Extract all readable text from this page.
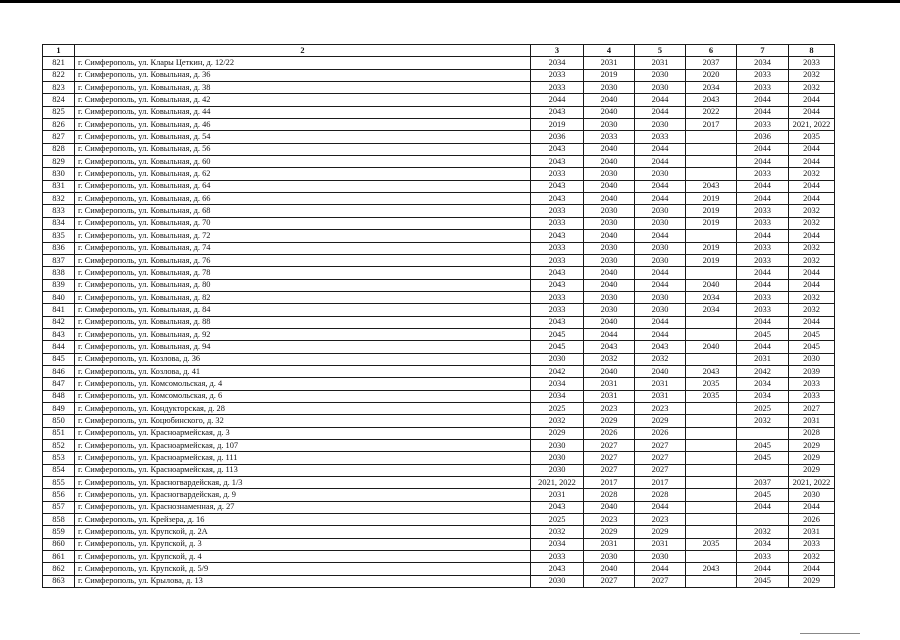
1	2	3	4	5	6	7	8
821	г. Симферополь, ул. Клары Цеткин, д. 12/22	2034	2031	2031	2037	2034	2033
822	г. Симферополь, ул. Ковыльная, д. 36	2033	2019	2030	2020	2033	2032
823	г. Симферополь, ул. Ковыльная, д. 38	2033	2030	2030	2034	2033	2032
824	г. Симферополь, ул. Ковыльная, д. 42	2044	2040	2044	2043	2044	2044
825	г. Симферополь, ул. Ковыльная, д. 44	2043	2040	2044	2022	2044	2044
826	г. Симферополь, ул. Ковыльная, д. 46	2019	2030	2030	2017	2033	2021, 2022
827	г. Симферополь, ул. Ковыльная, д. 54	2036	2033	2033		2036	2035
828	г. Симферополь, ул. Ковыльная, д. 56	2043	2040	2044		2044	2044
829	г. Симферополь, ул. Ковыльная, д. 60	2043	2040	2044		2044	2044
830	г. Симферополь, ул. Ковыльная, д. 62	2033	2030	2030		2033	2032
831	г. Симферополь, ул. Ковыльная, д. 64	2043	2040	2044	2043	2044	2044
832	г. Симферополь, ул. Ковыльная, д. 66	2043	2040	2044	2019	2044	2044
833	г. Симферополь, ул. Ковыльная, д. 68	2033	2030	2030	2019	2033	2032
834	г. Симферополь, ул. Ковыльная, д. 70	2033	2030	2030	2019	2033	2032
835	г. Симферополь, ул. Ковыльная, д. 72	2043	2040	2044		2044	2044
836	г. Симферополь, ул. Ковыльная, д. 74	2033	2030	2030	2019	2033	2032
837	г. Симферополь, ул. Ковыльная, д. 76	2033	2030	2030	2019	2033	2032
838	г. Симферополь, ул. Ковыльная, д. 78	2043	2040	2044		2044	2044
839	г. Симферополь, ул. Ковыльная, д. 80	2043	2040	2044	2040	2044	2044
840	г. Симферополь, ул. Ковыльная, д. 82	2033	2030	2030	2034	2033	2032
841	г. Симферополь, ул. Ковыльная, д. 84	2033	2030	2030	2034	2033	2032
842	г. Симферополь, ул. Ковыльная, д. 88	2043	2040	2044		2044	2044
843	г. Симферополь, ул. Ковыльная, д. 92	2045	2044	2044		2045	2045
844	г. Симферополь, ул. Ковыльная, д. 94	2045	2043	2043	2040	2044	2045
845	г. Симферополь, ул. Козлова, д. 36	2030	2032	2032		2031	2030
846	г. Симферополь, ул. Козлова, д. 41	2042	2040	2040	2043	2042	2039
847	г. Симферополь, ул. Комсомольская, д. 4	2034	2031	2031	2035	2034	2033
848	г. Симферополь, ул. Комсомольская, д. 6	2034	2031	2031	2035	2034	2033
849	г. Симферополь, ул. Кондукторская, д. 28	2025	2023	2023		2025	2027
850	г. Симферополь, ул. Коцюбинского, д. 32	2032	2029	2029		2032	2031
851	г. Симферополь, ул. Красноармейская, д. 3	2029	2026	2026			2028
852	г. Симферополь, ул. Красноармейская, д. 107	2030	2027	2027		2045	2029
853	г. Симферополь, ул. Красноармейская, д. 111	2030	2027	2027		2045	2029
854	г. Симферополь, ул. Красноармейская, д. 113	2030	2027	2027			2029
855	г. Симферополь, ул. Красногвардейская, д. 1/3	2021, 2022	2017	2017		2037	2021, 2022
856	г. Симферополь, ул. Красногвардейская, д. 9	2031	2028	2028		2045	2030
857	г. Симферополь, ул. Краснознаменная, д. 27	2043	2040	2044		2044	2044
858	г. Симферополь, ул. Крейзера, д. 16	2025	2023	2023			2026
859	г. Симферополь, ул. Крупской, д. 2А	2032	2029	2029		2032	2031
860	г. Симферополь, ул. Крупской, д. 3	2034	2031	2031	2035	2034	2033
861	г. Симферополь, ул. Крупской, д. 4	2033	2030	2030		2033	2032
862	г. Симферополь, ул. Крупской, д. 5/9	2043	2040	2044	2043	2044	2044
863	г. Симферополь, ул. Крылова, д. 13	2030	2027	2027		2045	2029
